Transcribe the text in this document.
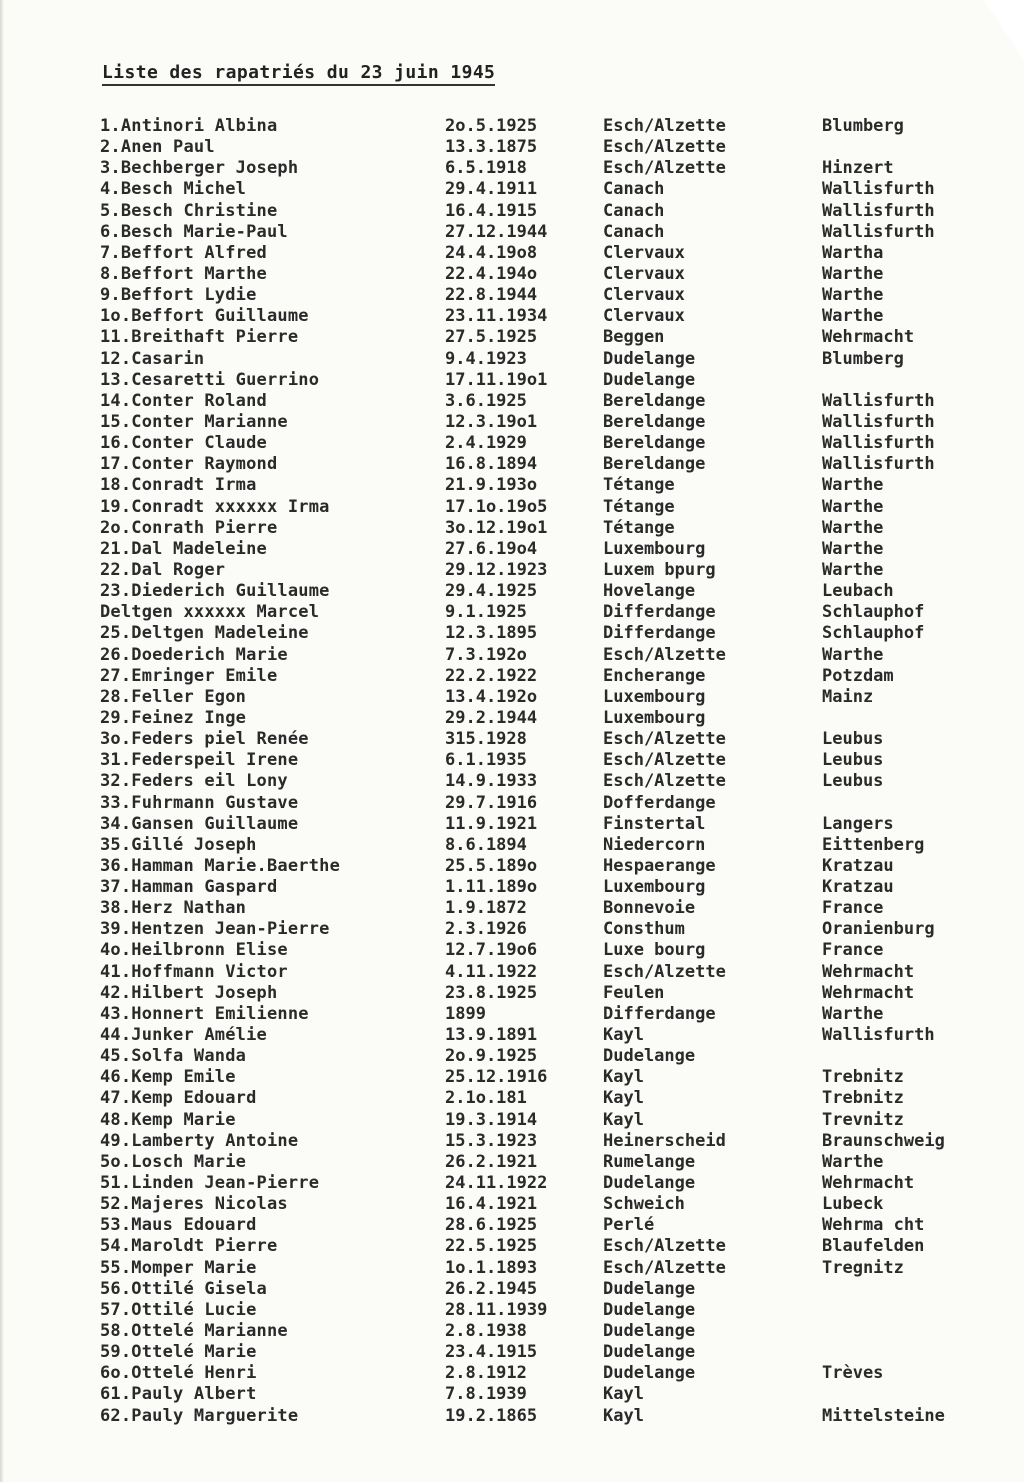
Liste des rapatriés du 23 juin 1945
1.Antinori Albina	2o.5.1925	Esch/Alzette	Blumberg
2.Anen Paul	13.3.1875	Esch/Alzette
3.Bechberger Joseph	6.5.1918	Esch/Alzette	Hinzert
4.Besch Michel	29.4.1911	Canach	Wallisfurth
5.Besch Christine	16.4.1915	Canach	Wallisfurth
6.Besch Marie-Paul	27.12.1944	Canach	Wallisfurth
7.Beffort Alfred	24.4.19o8	Clervaux	Wartha
8.Beffort Marthe	22.4.194o	Clervaux	Warthe
9.Beffort Lydie	22.8.1944	Clervaux	Warthe
1o.Beffort Guillaume	23.11.1934	Clervaux	Warthe
11.Breithaft Pierre	27.5.1925	Beggen	Wehrmacht
12.Casarin	9.4.1923	Dudelange	Blumberg
13.Cesaretti Guerrino	17.11.19o1	Dudelange
14.Conter Roland	3.6.1925	Bereldange	Wallisfurth
15.Conter Marianne	12.3.19o1	Bereldange	Wallisfurth
16.Conter Claude	2.4.1929	Bereldange	Wallisfurth
17.Conter Raymond	16.8.1894	Bereldange	Wallisfurth
18.Conradt Irma	21.9.193o	Tétange	Warthe
19.Conradt xxxxxx Irma	17.1o.19o5	Tétange	Warthe
2o.Conrath Pierre	3o.12.19o1	Tétange	Warthe
21.Dal Madeleine	27.6.19o4	Luxembourg	Warthe
22.Dal Roger	29.12.1923	Luxem bpurg	Warthe
23.Diederich Guillaume	29.4.1925	Hovelange	Leubach
Deltgen xxxxxx Marcel	9.1.1925	Differdange	Schlauphof
25.Deltgen Madeleine	12.3.1895	Differdange	Schlauphof
26.Doederich Marie	7.3.192o	Esch/Alzette	Warthe
27.Emringer Emile	22.2.1922	Encherange	Potzdam
28.Feller Egon	13.4.192o	Luxembourg	Mainz
29.Feinez Inge	29.2.1944	Luxembourg
3o.Feders piel Renée	315.1928	Esch/Alzette	Leubus
31.Federspeil Irene	6.1.1935	Esch/Alzette	Leubus
32.Feders eil Lony	14.9.1933	Esch/Alzette	Leubus
33.Fuhrmann Gustave	29.7.1916	Dofferdange
34.Gansen Guillaume	11.9.1921	Finstertal	Langers
35.Gillé Joseph	8.6.1894	Niedercorn	Eittenberg
36.Hamman Marie.Baerthe	25.5.189o	Hespaerange	Kratzau
37.Hamman Gaspard	1.11.189o	Luxembourg	Kratzau
38.Herz Nathan	1.9.1872	Bonnevoie	France
39.Hentzen Jean-Pierre	2.3.1926	Consthum	Oranienburg
4o.Heilbronn Elise	12.7.19o6	Luxe bourg	France
41.Hoffmann Victor	4.11.1922	Esch/Alzette	Wehrmacht
42.Hilbert Joseph	23.8.1925	Feulen	Wehrmacht
43.Honnert Emilienne	1899	Differdange	Warthe
44.Junker Amélie	13.9.1891	Kayl	Wallisfurth
45.Solfa Wanda	2o.9.1925	Dudelange
46.Kemp Emile	25.12.1916	Kayl	Trebnitz
47.Kemp Edouard	2.1o.181	Kayl	Trebnitz
48.Kemp Marie	19.3.1914	Kayl	Trevnitz
49.Lamberty Antoine	15.3.1923	Heinerscheid	Braunschweig
5o.Losch Marie	26.2.1921	Rumelange	Warthe
51.Linden Jean-Pierre	24.11.1922	Dudelange	Wehrmacht
52.Majeres Nicolas	16.4.1921	Schweich	Lubeck
53.Maus Edouard	28.6.1925	Perlé	Wehrma cht
54.Maroldt Pierre	22.5.1925	Esch/Alzette	Blaufelden
55.Momper Marie	1o.1.1893	Esch/Alzette	Tregnitz
56.Ottilé Gisela	26.2.1945	Dudelange
57.Ottilé Lucie	28.11.1939	Dudelange
58.Ottelé Marianne	2.8.1938	Dudelange
59.Ottelé Marie	23.4.1915	Dudelange
6o.Ottelé Henri	2.8.1912	Dudelange	Trèves
61.Pauly Albert	7.8.1939	Kayl
62.Pauly Marguerite	19.2.1865	Kayl	Mittelsteine
